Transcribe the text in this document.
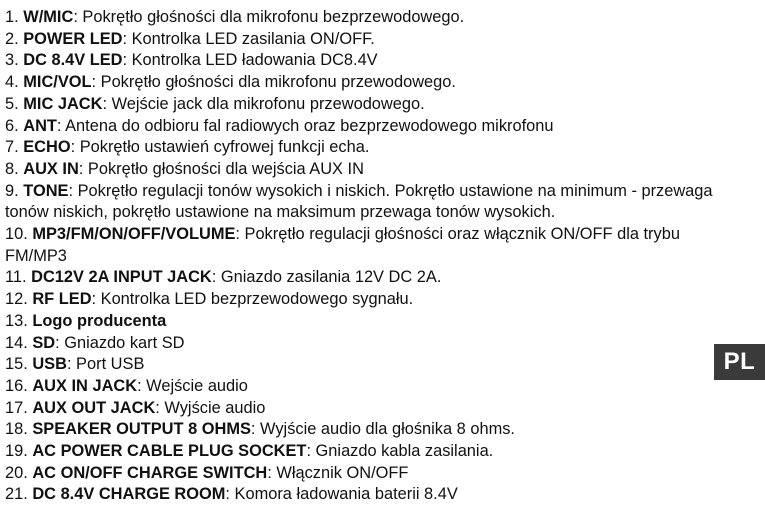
1. W/MIC: Pokrętło głośności dla mikrofonu bezprzewodowego.
2. POWER LED: Kontrolka LED zasilania ON/OFF.
3. DC 8.4V LED: Kontrolka LED ładowania DC8.4V
4. MIC/VOL: Pokrętło głośności dla mikrofonu przewodowego.
5. MIC JACK: Wejście jack dla mikrofonu przewodowego.
6. ANT: Antena do odbioru fal radiowych oraz bezprzewodowego mikrofonu
7. ECHO: Pokrętło ustawień cyfrowej funkcji echa.
8. AUX IN: Pokrętło głośności dla wejścia AUX IN
9. TONE: Pokrętło regulacji tonów wysokich i niskich. Pokrętło ustawione na minimum - przewaga tonów niskich, pokrętło ustawione na maksimum przewaga tonów wysokich.
10. MP3/FM/ON/OFF/VOLUME: Pokrętło regulacji głośności oraz włącznik ON/OFF dla trybu FM/MP3
11. DC12V 2A INPUT JACK: Gniazdo zasilania 12V DC 2A.
12. RF LED: Kontrolka LED bezprzewodowego sygnału.
13. Logo producenta
14. SD: Gniazdo kart SD
15. USB: Port USB
16. AUX IN JACK: Wejście audio
17. AUX OUT JACK: Wyjście audio
18. SPEAKER OUTPUT 8 OHMS: Wyjście audio dla głośnika 8 ohms.
19. AC POWER CABLE PLUG SOCKET: Gniazdo kabla zasilania.
20. AC ON/OFF CHARGE SWITCH: Włącznik ON/OFF
21. DC 8.4V CHARGE ROOM: Komora ładowania baterii 8.4V
PL
